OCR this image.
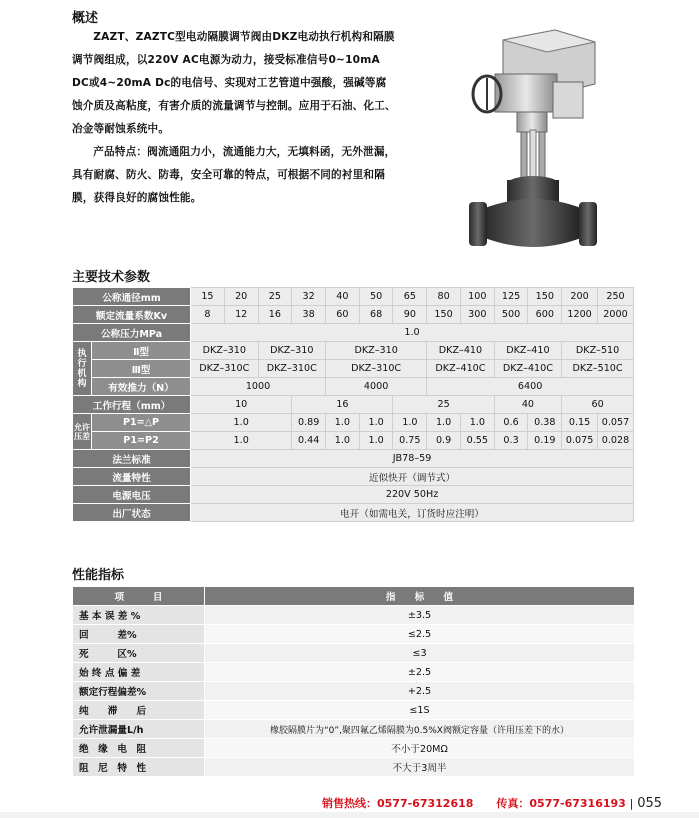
概述

ZAZT、ZAZTC型电动隔膜调节阀由DKZ电动执行机构和隔膜调节阀组成，以220V AC电源为动力，接受标准信号0~10mA DC或4~20mA Dc的电信号、实现对工艺管道中强酸，强碱等腐蚀介质及高粘度，有害介质的流量调节与控制。应用于石油、化工、冶金等耐蚀系统中。

产品特点：阀流通阻力小，流通能力大，无填料函，无外泄漏，具有耐腐、防火、防毒，安全可靠的特点，可根据不同的衬里和隔膜，获得良好的腐蚀性能。

主要技术参数
公称通径mm		15	20	25	32	40	50	65	80	100	125	150	200	250
额定流量系数Kv		8	12	16	38	60	68	90	150	300	500	600	1200	2000
公称压力MPa		1.0												
执行机构	Ⅱ型	DKZ–310		DKZ–310		DKZ–310			DKZ–410		DKZ–410		DKZ–510	
	Ⅲ型	DKZ–310C		DKZ–310C		DKZ–310C			DKZ–410C		DKZ–410C		DKZ–510C	
	有效推力（N）	1000				4000			6400					
工作行程（mm）		10			16			25			40		60	
允许压差	P1=△P	1.0			0.89	1.0	1.0	1.0	1.0	1.0	0.6	0.38	0.15	0.057
	P1=P2	1.0			0.44	1.0	1.0	0.75	0.9	0.55	0.3	0.19	0.075	0.028
法兰标准		JB78–59												
流量特性		近似快开（调节式）												
电源电压		220V 50Hz												
出厂状态		电开（如需电关，订货时应注明）												
性能指标
项　　　目	指　　标　　值
基 本 误 差 %	±3.5
回　　　差%	≤2.5
死　　　区%	≤3
始 终 点 偏 差	±2.5
额定行程偏差%	+2.5
纯　　滞　　后	≤1S
允许泄漏量L/h	橡胶隔膜片为“0”,聚四氟乙烯隔膜为0.5%X阀额定容量（许用压差下的水）
绝　缘　电　阻	不小于20MΩ
阻　尼　特　性	不大于3周半
销售热线：0577-67312618 传真：0577-67316193 | 055
